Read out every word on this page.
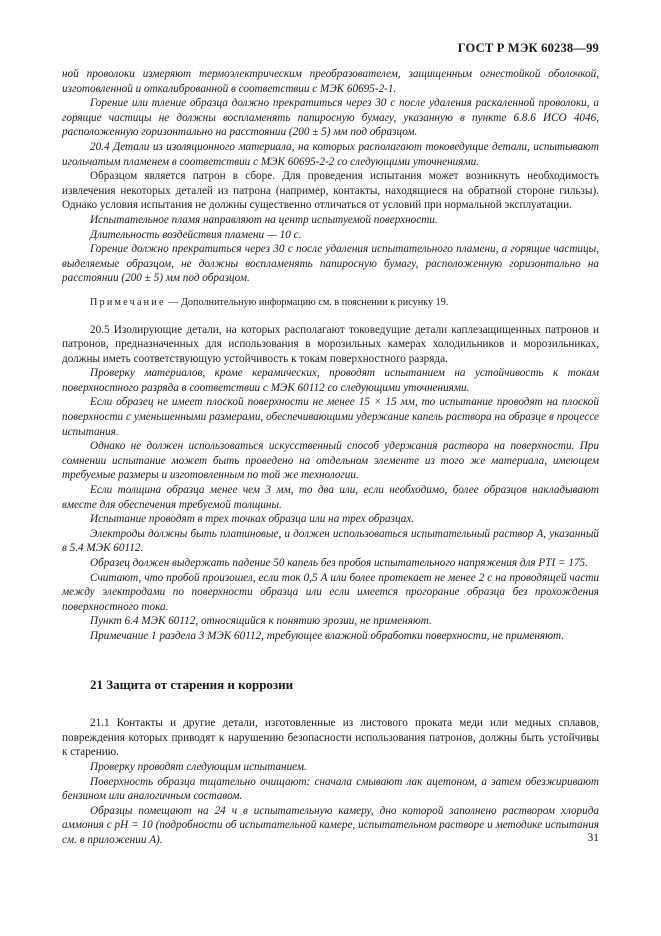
ГОСТ Р МЭК 60238—99

ной проволоки измеряют термоэлектрическим преобразователем, защищенным огнестойкой оболочкой, изготовленной и откалиброванной в соответствии с МЭК 60695-2-1.

Горение или тление образца должно прекратиться через 30 с после удаления раскаленной проволоки, а горящие частицы не должны воспламенять папиросную бумагу, указанную в пункте 6.8.6 ИСО 4046, расположенную горизонтально на расстоянии (200 ± 5) мм под образцом.

20.4 Детали из изоляционного материала, на которых располагают токоведущие детали, испытывают игольчатым пламенем в соответствии с МЭК 60695-2-2 со следующими уточнениями.

Образцом является патрон в сборе. Для проведения испытания может возникнуть необходимость извлечения некоторых деталей из патрона (например, контакты, находящиеся на обратной стороне гильзы). Однако условия испытания не должны существенно отличаться от условий при нормальной эксплуатации.

Испытательное пламя направляют на центр испытуемой поверхности.

Длительность воздействия пламени — 10 с.

Горение должно прекратиться через 30 с после удаления испытательного пламени, а горящие частицы, выделяемые образцом, не должны воспламенять папиросную бумагу, расположенную горизонтально на расстоянии (200 ± 5) мм под образцом.

Примечание — Дополнительную информацию см. в пояснении к рисунку 19.

20.5 Изолирующие детали, на которых располагают токоведущие детали каплезащищенных патронов и патронов, предназначенных для использования в морозильных камерах холодильников и морозильниках, должны иметь соответствующую устойчивость к токам поверхностного разряда.

Проверку материалов, кроме керамических, проводят испытанием на устойчивость к токам поверхностного разряда в соответствии с МЭК 60112 со следующими уточнениями.

Если образец не имеет плоской поверхности не менее 15 × 15 мм, то испытание проводят на плоской поверхности с уменьшенными размерами, обеспечивающими удержание капель раствора на образце в процессе испытания.

Однако не должен использоваться искусственный способ удержания раствора на поверхности. При сомнении испытание может быть проведено на отдельном элементе из того же материала, имеющем требуемые размеры и изготовленным по той же технологии.

Если толщина образца менее чем 3 мм, то два или, если необходимо, более образцов накладывают вместе для обеспечения требуемой толщины.

Испытание проводят в трех точках образца или на трех образцах.

Электроды должны быть платиновые, и должен использоваться испытательный раствор А, указанный в 5.4 МЭК 60112.

Образец должен выдержать падение 50 капель без пробоя испытательного напряжения для PTI = 175.

Считают, что пробой произошел, если ток 0,5 А или более протекает не менее 2 с на проводящей части между электродами по поверхности образца или если имеется прогорание образца без прохождения поверхностного тока.

Пункт 6.4 МЭК 60112, относящийся к понятию эрозии, не применяют.

Примечание 1 раздела 3 МЭК 60112, требующее влажной обработки поверхности, не применяют.

21 Защита от старения и коррозии

21.1 Контакты и другие детали, изготовленные из листового проката меди или медных сплавов, повреждения которых приводят к нарушению безопасности использования патронов, должны быть устойчивы к старению.

Проверку проводят следующим испытанием.

Поверхность образца тщательно очищают: сначала смывают лак ацетоном, а затем обезжиривают бензином или аналогичным составом.

Образцы помещают на 24 ч в испытательную камеру, дно которой заполнено раствором хлорида аммония с pH = 10 (подробности об испытательной камере, испытательном растворе и методике испытания см. в приложении А).	31
